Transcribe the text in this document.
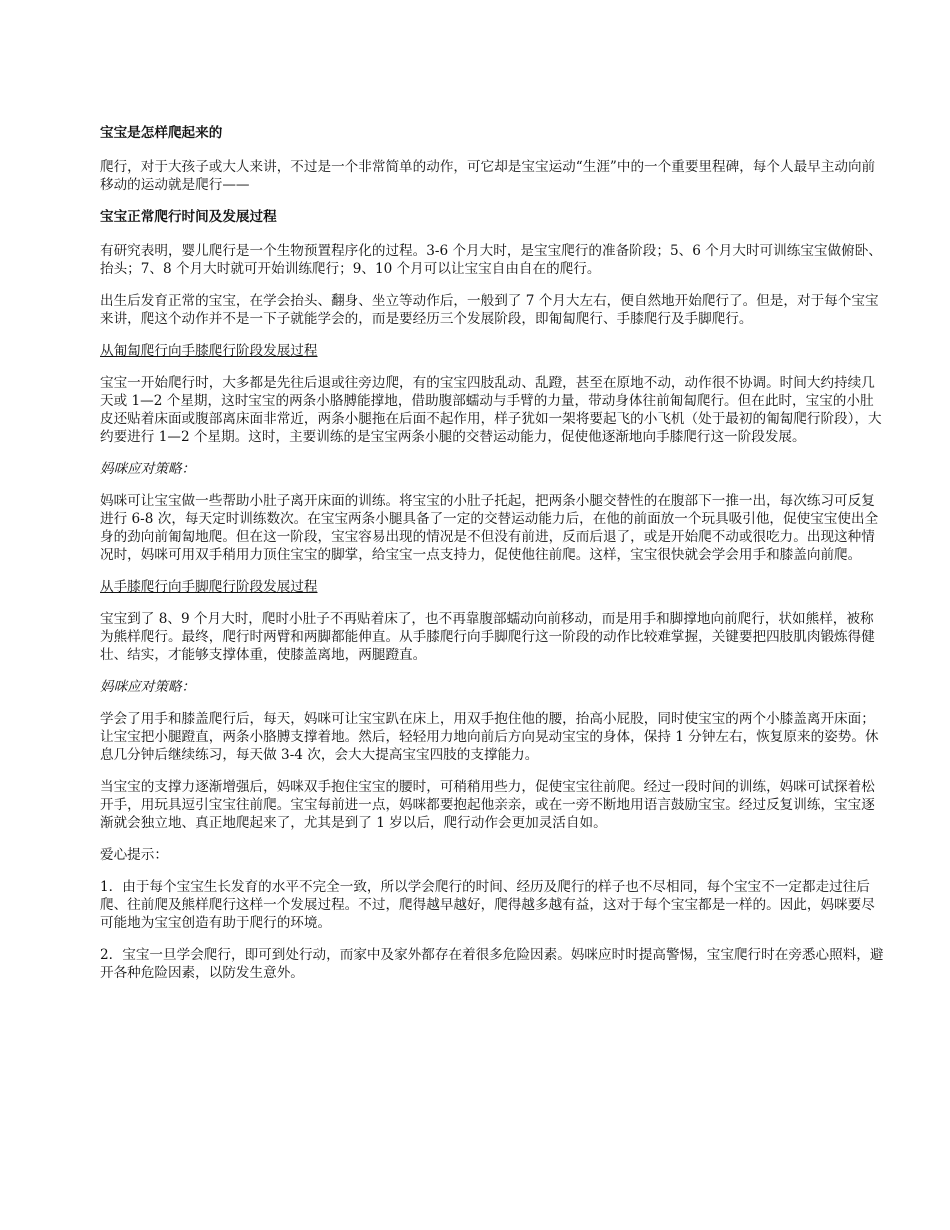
宝宝是怎样爬起来的

爬行，对于大孩子或大人来讲，不过是一个非常简单的动作，可它却是宝宝运动“生涯”中的一个重要里程碑，每个人最早主动向前移动的运动就是爬行——

宝宝正常爬行时间及发展过程

有研究表明，婴儿爬行是一个生物预置程序化的过程。3-6 个月大时，是宝宝爬行的准备阶段；5、6 个月大时可训练宝宝做俯卧、抬头；7、8 个月大时就可开始训练爬行；9、10 个月可以让宝宝自由自在的爬行。

出生后发育正常的宝宝，在学会抬头、翻身、坐立等动作后，一般到了 7 个月大左右，便自然地开始爬行了。但是，对于每个宝宝来讲，爬这个动作并不是一下子就能学会的，而是要经历三个发展阶段，即匍匐爬行、手膝爬行及手脚爬行。

从匍匐爬行向手膝爬行阶段发展过程

宝宝一开始爬行时，大多都是先往后退或往旁边爬，有的宝宝四肢乱动、乱蹬，甚至在原地不动，动作很不协调。时间大约持续几天或 1—2 个星期，这时宝宝的两条小胳膊能撑地，借助腹部蠕动与手臂的力量，带动身体往前匍匐爬行。但在此时，宝宝的小肚皮还贴着床面或腹部离床面非常近，两条小腿拖在后面不起作用，样子犹如一架将要起飞的小飞机（处于最初的匍匐爬行阶段），大约要进行 1—2 个星期。这时，主要训练的是宝宝两条小腿的交替运动能力，促使他逐渐地向手膝爬行这一阶段发展。

妈咪应对策略：

妈咪可让宝宝做一些帮助小肚子离开床面的训练。将宝宝的小肚子托起，把两条小腿交替性的在腹部下一推一出，每次练习可反复进行 6-8 次，每天定时训练数次。在宝宝两条小腿具备了一定的交替运动能力后，在他的前面放一个玩具吸引他，促使宝宝使出全身的劲向前匍匐地爬。但在这一阶段，宝宝容易出现的情况是不但没有前进，反而后退了，或是开始爬不动或很吃力。出现这种情况时，妈咪可用双手稍用力顶住宝宝的脚掌，给宝宝一点支持力，促使他往前爬。这样，宝宝很快就会学会用手和膝盖向前爬。

从手膝爬行向手脚爬行阶段发展过程

宝宝到了 8、9 个月大时，爬时小肚子不再贴着床了，也不再靠腹部蠕动向前移动，而是用手和脚撑地向前爬行，状如熊样，被称为熊样爬行。最终，爬行时两臂和两脚都能伸直。从手膝爬行向手脚爬行这一阶段的动作比较难掌握，关键要把四肢肌肉锻炼得健壮、结实，才能够支撑体重，使膝盖离地，两腿蹬直。

妈咪应对策略：

学会了用手和膝盖爬行后，每天，妈咪可让宝宝趴在床上，用双手抱住他的腰，抬高小屁股，同时使宝宝的两个小膝盖离开床面；让宝宝把小腿蹬直，两条小胳膊支撑着地。然后，轻轻用力地向前后方向晃动宝宝的身体，保持 1 分钟左右，恢复原来的姿势。休息几分钟后继续练习，每天做 3-4 次，会大大提高宝宝四肢的支撑能力。

当宝宝的支撑力逐渐增强后，妈咪双手抱住宝宝的腰时，可稍稍用些力，促使宝宝往前爬。经过一段时间的训练，妈咪可试探着松开手，用玩具逗引宝宝往前爬。宝宝每前进一点，妈咪都要抱起他亲亲，或在一旁不断地用语言鼓励宝宝。经过反复训练，宝宝逐渐就会独立地、真正地爬起来了，尤其是到了 1 岁以后，爬行动作会更加灵活自如。

爱心提示：

1．由于每个宝宝生长发育的水平不完全一致，所以学会爬行的时间、经历及爬行的样子也不尽相同，每个宝宝不一定都走过往后爬、往前爬及熊样爬行这样一个发展过程。不过，爬得越早越好，爬得越多越有益，这对于每个宝宝都是一样的。因此，妈咪要尽可能地为宝宝创造有助于爬行的环境。

2．宝宝一旦学会爬行，即可到处行动，而家中及家外都存在着很多危险因素。妈咪应时时提高警惕，宝宝爬行时在旁悉心照料，避开各种危险因素，以防发生意外。
